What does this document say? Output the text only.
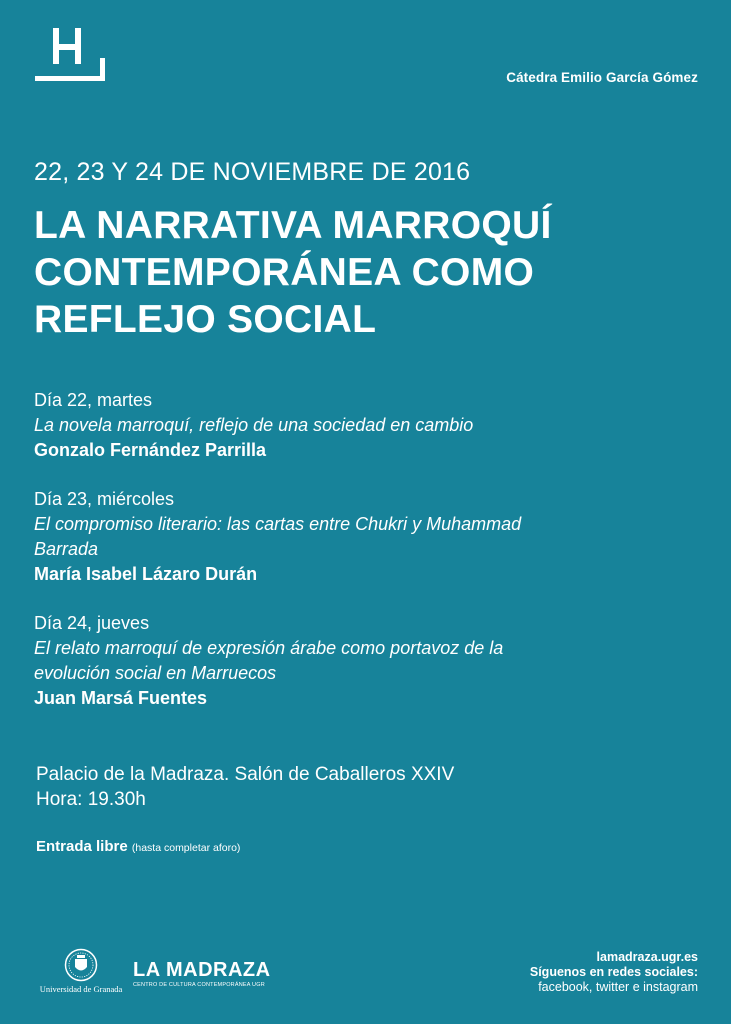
Cátedra Emilio García Gómez
22, 23 Y 24 DE NOVIEMBRE DE 2016
LA NARRATIVA MARROQUÍ
CONTEMPORÁNEA COMO
REFLEJO SOCIAL
Día 22, martes
La novela marroquí, reflejo de una sociedad en cambio
Gonzalo Fernández Parrilla
Día 23, miércoles
El compromiso literario: las cartas entre Chukri y Muhammad
Barrada
María Isabel Lázaro Durán
Día 24, jueves
El relato marroquí de expresión árabe como portavoz de la
evolución social en Marruecos
Juan Marsá Fuentes
Palacio de la Madraza. Salón de Caballeros XXIV
Hora: 19.30h
Entrada libre (hasta completar aforo)
Universidad de Granada
LA MADRAZA
CENTRO DE CULTURA CONTEMPORÁNEA UGR
lamadraza.ugr.es
Síguenos en redes sociales:
facebook, twitter e instagram
